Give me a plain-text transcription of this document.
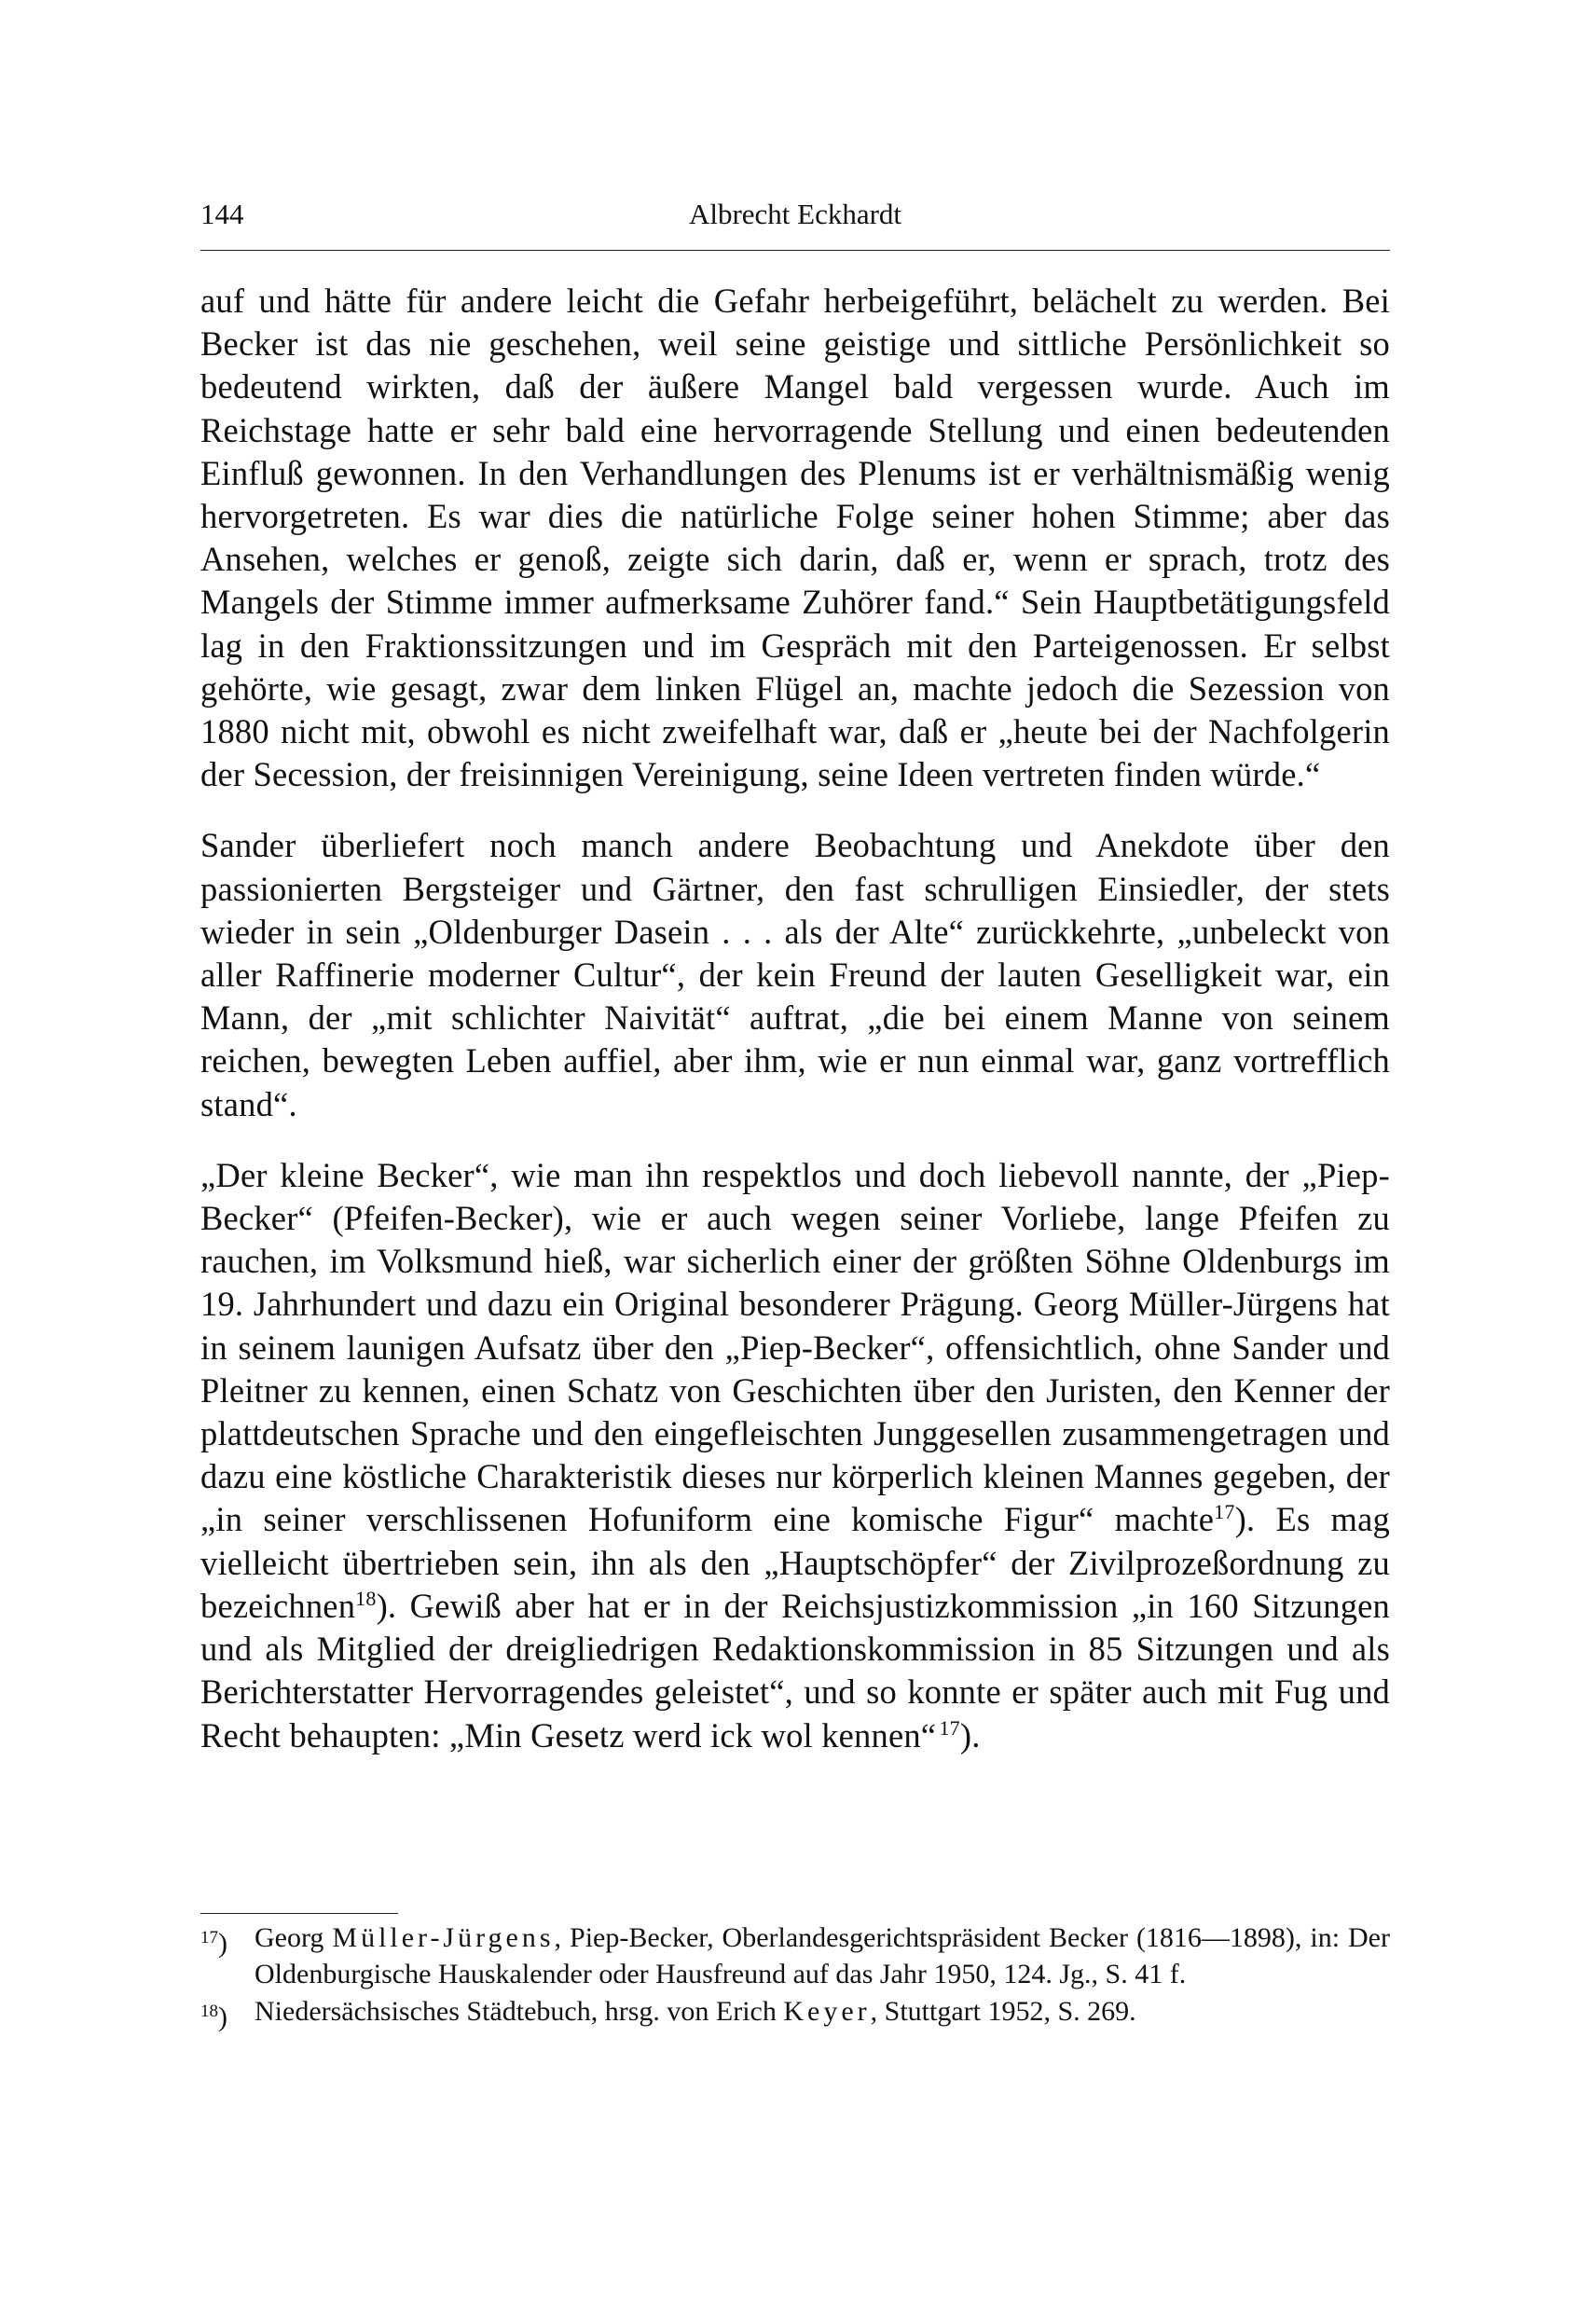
144	Albrecht Eckhardt

auf und hätte für andere leicht die Gefahr herbeigeführt, belächelt zu werden. Bei Becker ist das nie geschehen, weil seine geistige und sittliche Persönlichkeit so bedeutend wirkten, daß der äußere Mangel bald vergessen wurde. Auch im Reichstage hatte er sehr bald eine hervorragende Stellung und einen bedeutenden Einfluß gewonnen. In den Verhandlungen des Plenums ist er verhältnismäßig wenig hervorgetreten. Es war dies die natürliche Folge seiner hohen Stimme; aber das Ansehen, welches er genoß, zeigte sich darin, daß er, wenn er sprach, trotz des Mangels der Stimme immer aufmerksame Zuhörer fand.“ Sein Hauptbetätigungsfeld lag in den Fraktionssitzungen und im Gespräch mit den Parteigenossen. Er selbst gehörte, wie gesagt, zwar dem linken Flügel an, machte jedoch die Sezession von 1880 nicht mit, obwohl es nicht zweifelhaft war, daß er „heute bei der Nachfolgerin der Secession, der freisinnigen Vereinigung, seine Ideen vertreten finden würde.“

Sander überliefert noch manch andere Beobachtung und Anekdote über den passionierten Bergsteiger und Gärtner, den fast schrulligen Einsiedler, der stets wieder in sein „Oldenburger Dasein . . . als der Alte“ zurückkehrte, „unbeleckt von aller Raffinerie moderner Cultur“, der kein Freund der lauten Geselligkeit war, ein Mann, der „mit schlichter Naivität“ auftrat, „die bei einem Manne von seinem reichen, bewegten Leben auffiel, aber ihm, wie er nun einmal war, ganz vortrefflich stand“.

„Der kleine Becker“, wie man ihn respektlos und doch liebevoll nannte, der „Piep-Becker“ (Pfeifen-Becker), wie er auch wegen seiner Vorliebe, lange Pfeifen zu rauchen, im Volksmund hieß, war sicherlich einer der größten Söhne Oldenburgs im 19. Jahrhundert und dazu ein Original besonderer Prägung. Georg Müller-Jürgens hat in seinem launigen Aufsatz über den „Piep-Becker“, offensichtlich, ohne Sander und Pleitner zu kennen, einen Schatz von Geschichten über den Juristen, den Kenner der plattdeutschen Sprache und den eingefleischten Junggesellen zusammengetragen und dazu eine köstliche Charakteristik dieses nur körperlich kleinen Mannes gegeben, der „in seiner verschlissenen Hofuniform eine komische Figur“ machte$^{17}$). Es mag vielleicht übertrieben sein, ihn als den „Hauptschöpfer“ der Zivilprozeßordnung zu bezeichnen$^{18}$). Gewiß aber hat er in der Reichsjustizkommission „in 160 Sitzungen und als Mitglied der dreigliedrigen Redaktionskommission in 85 Sitzungen und als Berichterstatter Hervorragendes geleistet“, und so konnte er später auch mit Fug und Recht behaupten: „Min Gesetz werd ick wol kennen“  $^{17}$).

$^{17}$) Georg Müller-Jürgens, Piep-Becker, Oberlandesgerichtspräsident Becker (1816—1898), in: Der Oldenburgische Hauskalender oder Hausfreund auf das Jahr 1950, 124. Jg., S. 41 f.
$^{18}$) Niedersächsisches Städtebuch, hrsg. von Erich Keyer, Stuttgart 1952, S. 269.
